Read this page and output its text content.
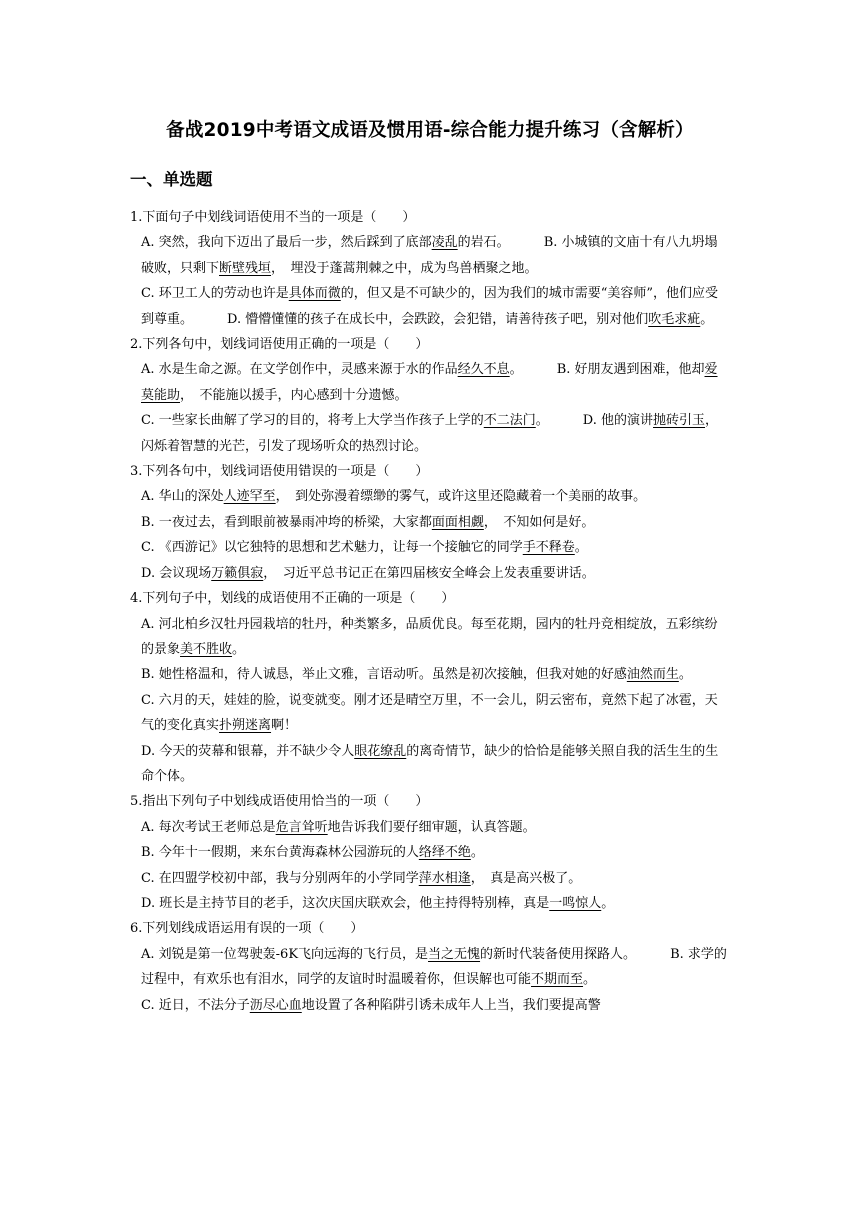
备战2019中考语文成语及惯用语-综合能力提升练习（含解析）
一、单选题

1.下面句子中划线词语使用不当的一项是（　　）

A. 突然，我向下迈出了最后一步，然后踩到了底部凌乱的岩石。	B. 小城镇的文庙十有八九坍塌破败，只剩下断壁残垣，　埋没于蓬蒿荆棘之中，成为鸟兽栖聚之地。

C. 环卫工人的劳动也许是具体而微的，但又是不可缺少的，因为我们的城市需要“美容师”，他们应受到尊重。	D. 懵懵懂懂的孩子在成长中，会跌跤，会犯错，请善待孩子吧，别对他们吹毛求疵。

2.下列各句中，划线词语使用正确的一项是（　　）

A. 水是生命之源。在文学创作中，灵感来源于水的作品经久不息。	B. 好朋友遇到困难，他却爱莫能助，　不能施以援手，内心感到十分遗憾。

C. 一些家长曲解了学习的目的，将考上大学当作孩子上学的不二法门。	D. 他的演讲抛砖引玉，　闪烁着智慧的光芒，引发了现场听众的热烈讨论。

3.下列各句中，划线词语使用错误的一项是（　　）

A. 华山的深处人迹罕至，　到处弥漫着缥缈的雾气，或许这里还隐藏着一个美丽的故事。

B. 一夜过去，看到眼前被暴雨冲垮的桥梁，大家都面面相觑，　不知如何是好。

C. 《西游记》以它独特的思想和艺术魅力，让每一个接触它的同学手不释卷。

D. 会议现场万籁俱寂，　习近平总书记正在第四届核安全峰会上发表重要讲话。

4.下列句子中，划线的成语使用不正确的一项是（　　）

A. 河北柏乡汉牡丹园栽培的牡丹，种类繁多，品质优良。每至花期，园内的牡丹竞相绽放，五彩缤纷的景象美不胜收。

B. 她性格温和，待人诚恳，举止文雅，言语动听。虽然是初次接触，但我对她的好感油然而生。

C. 六月的天，娃娃的脸，说变就变。刚才还是晴空万里，不一会儿，阴云密布，竟然下起了冰雹，天气的变化真实扑朔迷离啊！

D. 今天的荧幕和银幕，并不缺少令人眼花缭乱的离奇情节，缺少的恰恰是能够关照自我的活生生的生命个体。

5.指出下列句子中划线成语使用恰当的一项（　　）

A. 每次考试王老师总是危言耸听地告诉我们要仔细审题，认真答题。

B. 今年十一假期，来东台黄海森林公园游玩的人络绎不绝。

C. 在四盟学校初中部，我与分别两年的小学同学萍水相逢，　真是高兴极了。

D. 班长是主持节目的老手，这次庆国庆联欢会，他主持得特别棒，真是一鸣惊人。

6.下列划线成语运用有误的一项（　　）

A. 刘锐是第一位驾驶轰-6K飞向远海的飞行员，是当之无愧的新时代装备使用探路人。	B. 求学的过程中，有欢乐也有泪水，同学的友谊时时温暖着你，但误解也可能不期而至。

C. 近日，不法分子沥尽心血地设置了各种陷阱引诱未成年人上当，我们要提高警
